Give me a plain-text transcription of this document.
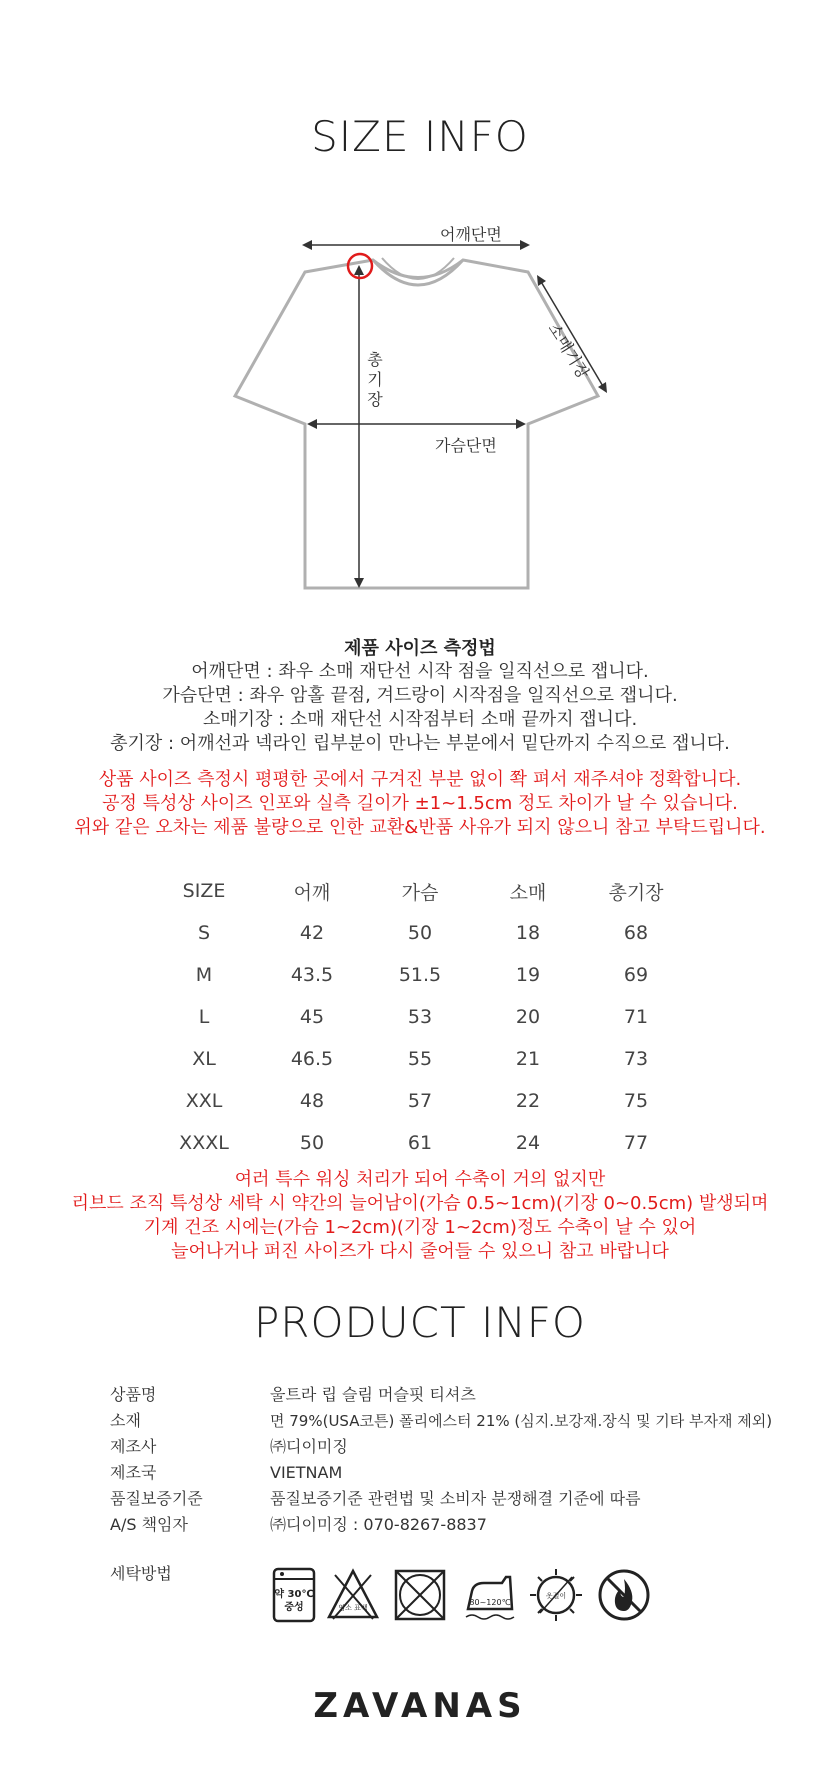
SIZE INFO
어깨단면
소매기장
가슴단면
총
기
장
제품 사이즈 측정법
어깨단면 : 좌우 소매 재단선 시작 점을 일직선으로 잽니다.
가슴단면 : 좌우 암홀 끝점, 겨드랑이 시작점을 일직선으로 잽니다.
소매기장 : 소매 재단선 시작점부터 소매 끝까지 잽니다.
총기장 : 어깨선과 넥라인 립부분이 만나는 부분에서 밑단까지 수직으로 잽니다.
상품 사이즈 측정시 평평한 곳에서 구겨진 부분 없이 쫙 펴서 재주셔야 정확합니다.
공정 특성상 사이즈 인포와 실측 길이가 ±1~1.5cm 정도 차이가 날 수 있습니다.
위와 같은 오차는 제품 불량으로 인한 교환&반품 사유가 되지 않으니 참고 부탁드립니다.
SIZE	어깨	가슴	소매	총기장
S	42	50	18	68
M	43.5	51.5	19	69
L	45	53	20	71
XL	46.5	55	21	73
XXL	48	57	22	75
XXXL	50	61	24	77
여러 특수 워싱 처리가 되어 수축이 거의 없지만
리브드 조직 특성상 세탁 시 약간의 늘어남이(가슴 0.5~1cm)(기장 0~0.5cm) 발생되며
기계 건조 시에는(가슴 1~2cm)(기장 1~2cm)정도 수축이 날 수 있어
늘어나거나 퍼진 사이즈가 다시 줄어들 수 있으니 참고 바랍니다
PRODUCT INFO
상품명	울트라 립 슬림 머슬핏 티셔츠
소재	면 79%(USA코튼) 폴리에스터 21% (심지.보강재.장식 및 기타 부자재 제외)
제조사	㈜디이미징
제조국	VIETNAM
품질보증기준	품질보증기준 관련법 및 소비자 분쟁해결 기준에 따름
A/S 책임자	㈜디이미징 : 070-8267-8837
세탁방법
약 30℃
중성	염소 표백
80~120℃
옷걸이
ZAVANAS
